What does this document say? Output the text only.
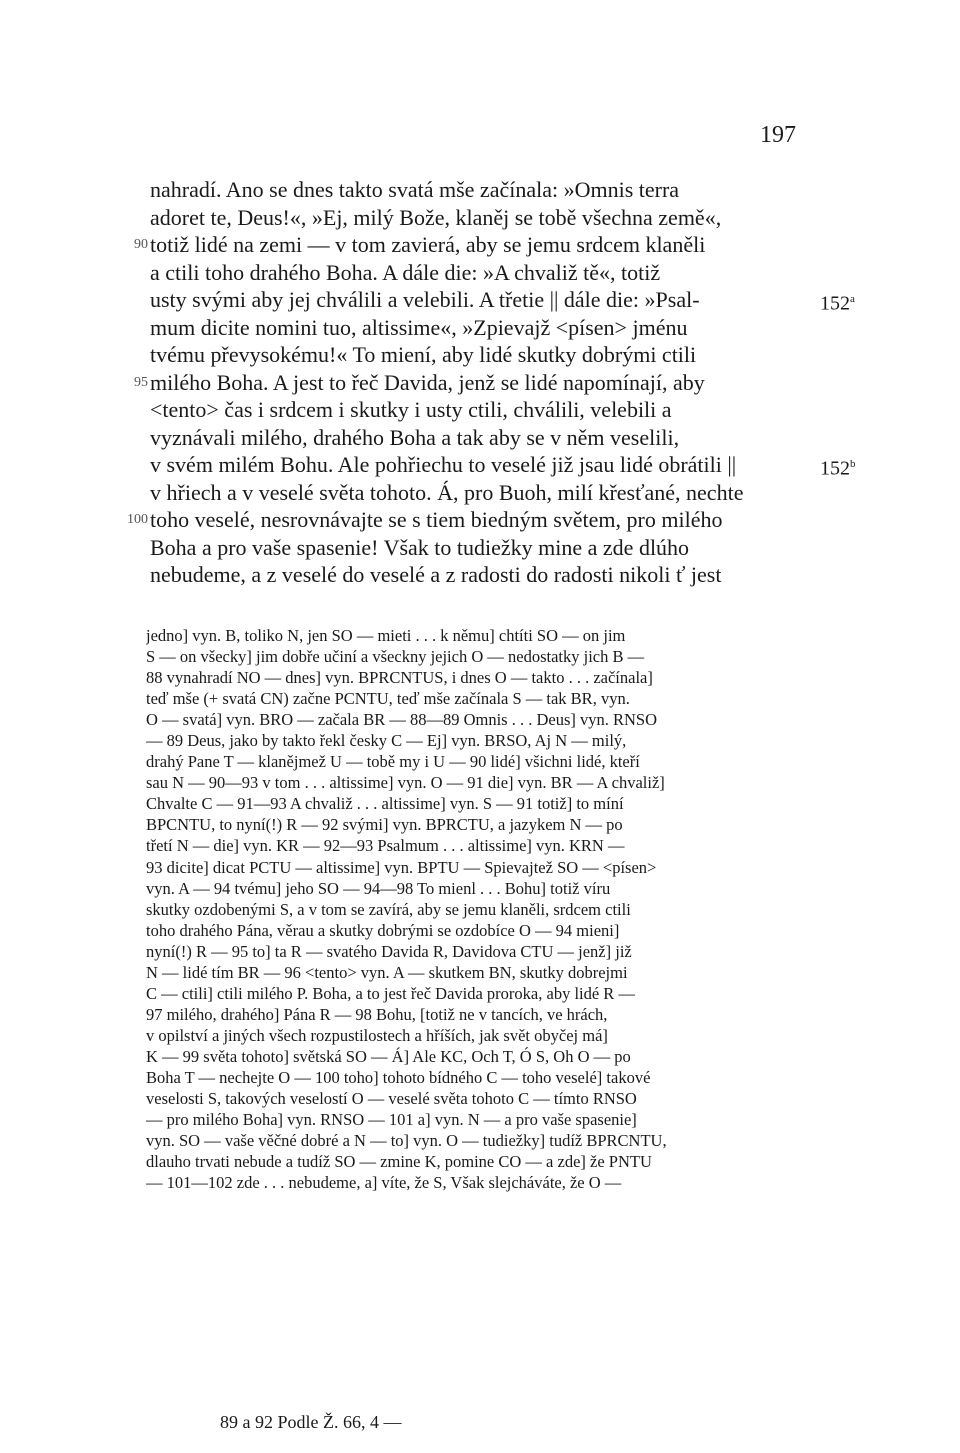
197
nahradí. Ano se dnes takto svatá mše začínala: »Omnis terra
adoret te, Deus!«, »Ej, milý Bože, klaněj se tobě všechna země«,
90 totiž lidé na zemi — v tom zavierá, aby se jemu srdcem klaněli
a ctili toho drahého Boha. A dále die: »A chvaliž tě«, totiž
usty svými aby jej chválili a velebili. A třetie || dále die: »Psal-	152$^a$
mum dicite nomini tuo, altissime«, »Zpievajž <písen> jménu
tvému převysokému!« To miení, aby lidé skutky dobrými ctili
95 milého Boha. A jest to řeč Davida, jenž se lidé napomínají, aby
<tento> čas i srdcem i skutky i usty ctili, chválili, velebili a
vyznávali milého, drahého Boha a tak aby se v něm veselili,
v svém milém Bohu. Ale pohřiechu to veselé již jsau lidé obrátili ||	152$^b$
v hřiech a v veselé světa tohoto. Á, pro Buoh, milí křesťané, nechte
100 toho veselé, nesrovnávajte se s tiem biedným světem, pro milého
Boha a pro vaše spasenie! Však to tudiežky mine a zde dlúho
nebudeme, a z veselé do veselé a z radosti do radosti nikoli ť jest
jedno] vyn. B, toliko N, jen SO — mieti . . . k němu] chtíti SO — on jim
S — on všecky] jim dobře učiní a všeckny jejich O — nedostatky jich B —
88 vynahradí NO — dnes] vyn. BPRCNTUS, i dnes O — takto . . . začínala]
teď mše (+ svatá CN) začne PCNTU, teď mše začínala S — tak BR, vyn.
O — svatá] vyn. BRO — začala BR — 88—89 Omnis . . . Deus] vyn. RNSO
— 89 Deus, jako by takto řekl česky C — Ej] vyn. BRSO, Aj N — milý,
drahý Pane T — klanějmež U — tobě my i U — 90 lidé] všichni lidé, kteří
sau N — 90—93 v tom . . . altissime] vyn. O — 91 die] vyn. BR — A chvaliž]
Chvalte C — 91—93 A chvaliž . . . altissime] vyn. S — 91 totiž] to míní
BPCNTU, to nyní(!) R — 92 svými] vyn. BPRCTU, a jazykem N — po
třetí N — die] vyn. KR — 92—93 Psalmum . . . altissime] vyn. KRN —
93 dicite] dicat PCTU — altissime] vyn. BPTU — Spievajtež SO — <písen>
vyn. A — 94 tvému] jeho SO — 94—98 To mienl . . . Bohu] totiž víru
skutky ozdobenými S, a v tom se zavírá, aby se jemu klaněli, srdcem ctili
toho drahého Pána, věrau a skutky dobrými se ozdobíce O — 94 mieni]
nyní(!) R — 95 to] ta R — svatého Davida R, Davidova CTU — jenž] již
N — lidé tím BR — 96 <tento> vyn. A — skutkem BN, skutky dobrejmi
C — ctili] ctili milého P. Boha, a to jest řeč Davida proroka, aby lidé R —
97 milého, drahého] Pána R — 98 Bohu, [totiž ne v tancích, ve hrách,
v opilství a jiných všech rozpustilostech a hříších, jak svět obyčej má]
K — 99 světa tohoto] světská SO — Á] Ale KC, Och T, Ó S, Oh O — po
Boha T — nechejte O — 100 toho] tohoto bídného C — toho veselé] takové
veselosti S, takových veselostí O — veselé světa tohoto C — tímto RNSO
— pro milého Boha] vyn. RNSO — 101 a] vyn. N — a pro vaše spasenie]
vyn. SO — vaše věčné dobré a N — to] vyn. O — tudiežky] tudíž BPRCNTU,
dlauho trvati nebude a tudíž SO — zmine K, pomine CO — a zde] že PNTU
— 101—102 zde . . . nebudeme, a] víte, že S, Však slejcháváte, že O —
89 a 92 Podle Ž. 66, 4 —
